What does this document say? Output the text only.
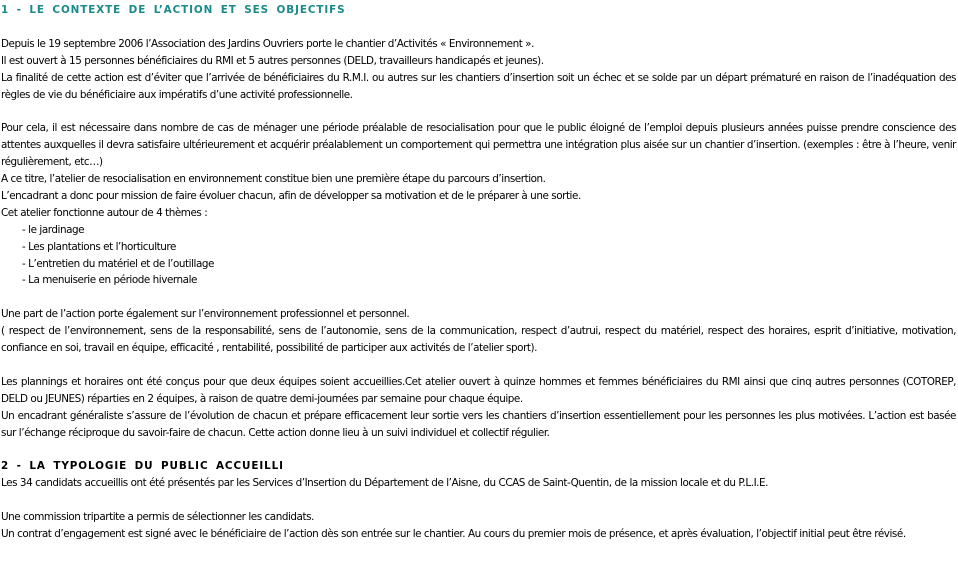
1 - LE CONTEXTE DE L’ACTION ET SES OBJECTIFS

Depuis le 19 septembre 2006 l’Association des Jardins Ouvriers porte le chantier d’Activités « Environnement ».

Il est ouvert à 15 personnes bénéficiaires du RMI et 5 autres personnes (DELD, travailleurs handicapés et jeunes).

La finalité de cette action est d’éviter que l’arrivée de bénéficiaires du R.M.I. ou autres sur les chantiers d’insertion soit un échec et se solde par un départ prématuré en raison de l’inadéquation des règles de vie du bénéficiaire aux impératifs d’une activité professionnelle.

Pour cela, il est nécessaire dans nombre de cas de ménager une période préalable de resocialisation pour que le public éloigné de l’emploi depuis plusieurs années puisse prendre conscience des attentes auxquelles il devra satisfaire ultérieurement et acquérir préalablement un comportement qui permettra une intégration plus aisée sur un chantier d’insertion. (exemples : être à l’heure, venir régulièrement, etc…)

A ce titre, l’atelier de resocialisation en environnement constitue bien une première étape du parcours d’insertion.

L’encadrant a donc pour mission de faire évoluer chacun, afin de développer sa motivation et de le préparer à une sortie.

Cet atelier fonctionne autour de 4 thèmes :

- le jardinage
- Les plantations et l’horticulture
- L’entretien du matériel et de l’outillage
- La menuiserie en période hivernale

Une part de l’action porte également sur l’environnement professionnel et personnel.

( respect de l’environnement, sens de la responsabilité, sens de l’autonomie, sens de la communication, respect d’autrui, respect du matériel, respect des horaires, esprit d’initiative, motivation, confiance en soi, travail en équipe, efficacité , rentabilité, possibilité de participer aux activités de l’atelier sport).

Les plannings et horaires ont été conçus pour que deux équipes soient accueillies.Cet atelier ouvert à quinze hommes et femmes bénéficiaires du RMI ainsi que cinq autres personnes (COTOREP, DELD ou JEUNES) réparties en 2 équipes, à raison de quatre demi-journées par semaine pour chaque équipe.

Un encadrant généraliste s’assure de l’évolution de chacun et prépare efficacement leur sortie vers les chantiers d’insertion essentiellement pour les personnes les plus motivées. L’action est basée sur l’échange réciproque du savoir-faire de chacun. Cette action donne lieu à un suivi individuel et collectif régulier.

2 - LA TYPOLOGIE DU PUBLIC ACCUEILLI

Les 34 candidats accueillis ont été présentés par les Services d’Insertion du Département de l’Aisne, du CCAS de Saint-Quentin, de la mission locale et du P.L.I.E.

Une commission tripartite a permis de sélectionner les candidats.

Un contrat d’engagement est signé avec le bénéficiaire de l’action dès son entrée sur le chantier. Au cours du premier mois de présence, et après évaluation, l’objectif initial peut être révisé.
